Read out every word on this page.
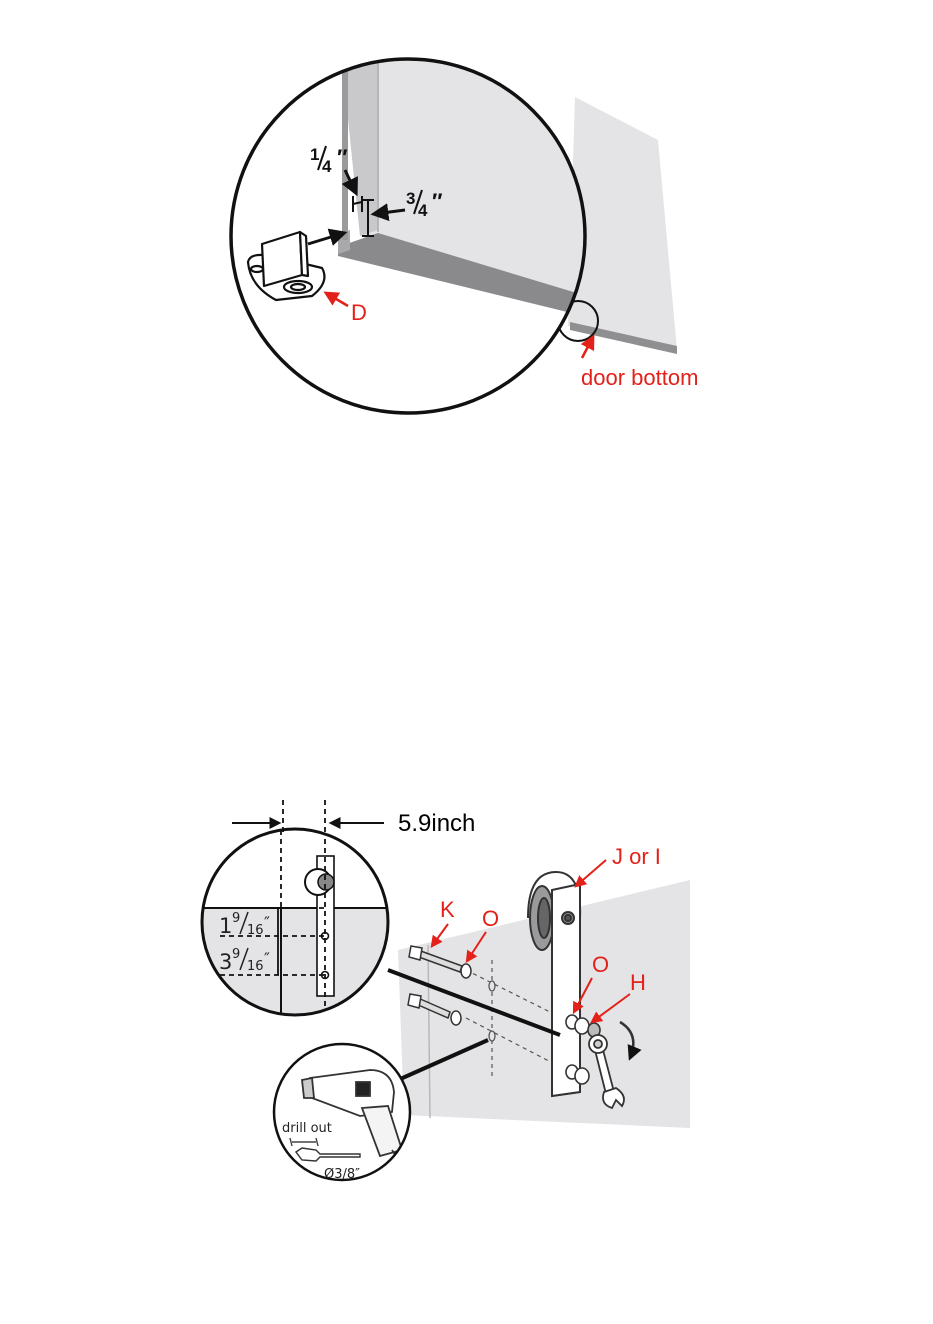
1
4 ″
3
4 ″
D
door bottom
5.9inch
1 9
16 ″
3 9
16 ″
J or I
K O
O
H
drill out
Ø3/8″
